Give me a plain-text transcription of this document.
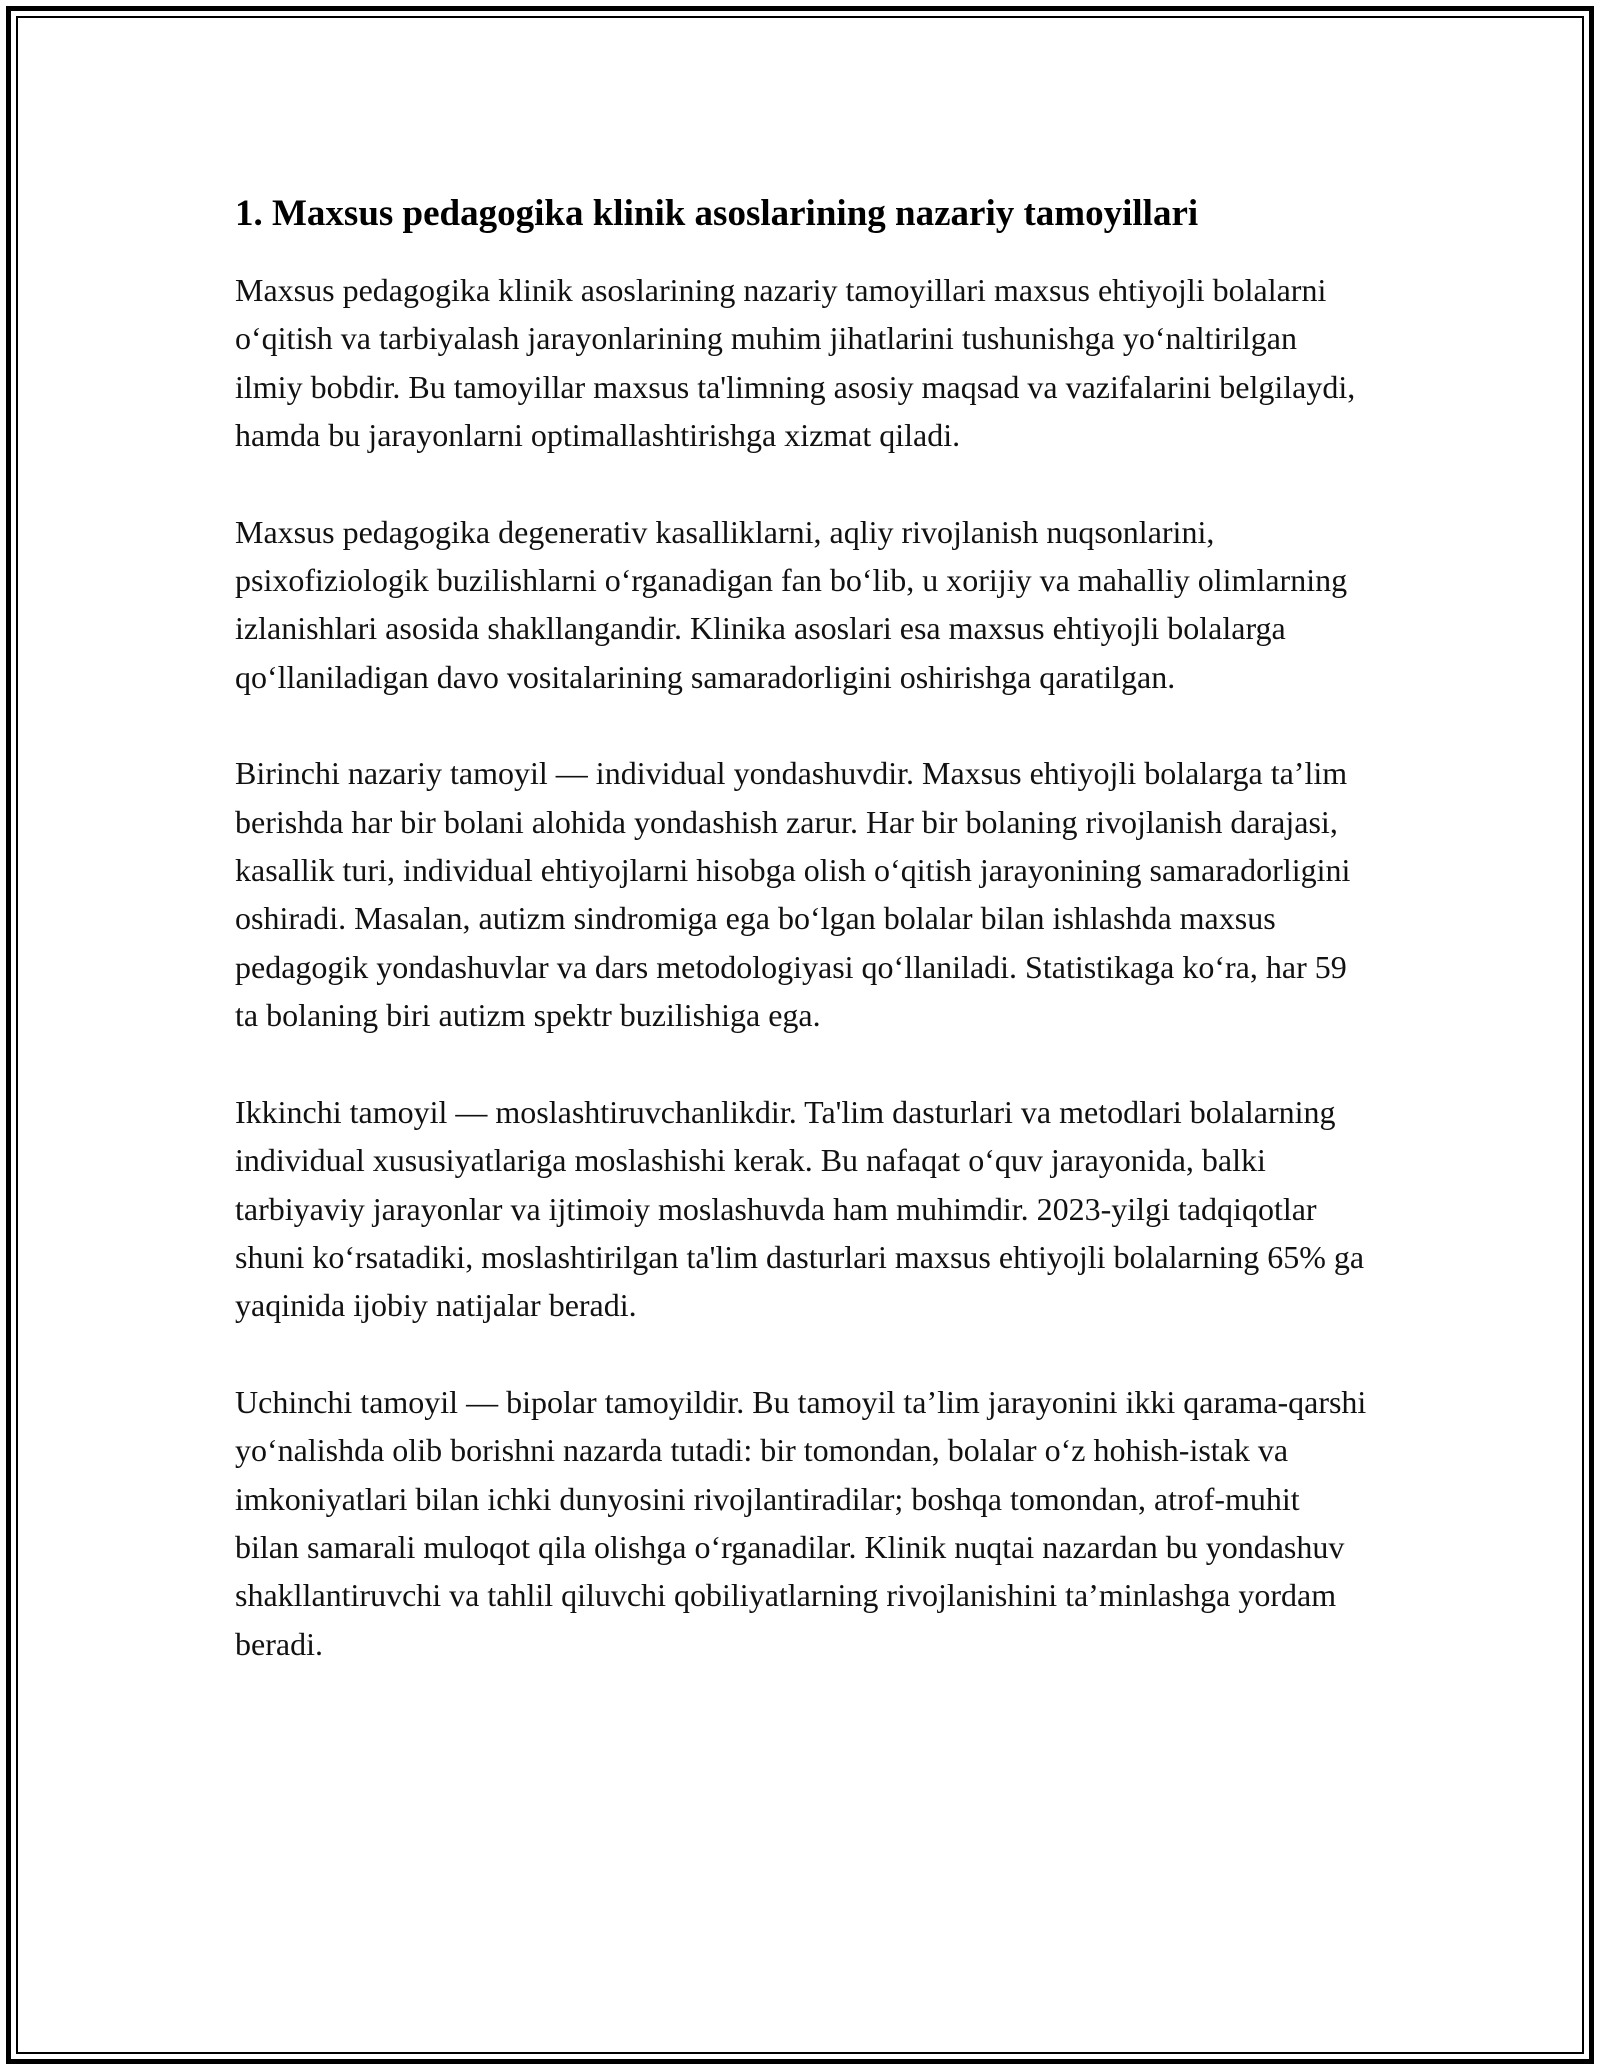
1. Maxsus pedagogika klinik asoslarining nazariy tamoyillari

Maxsus pedagogika klinik asoslarining nazariy tamoyillari maxsus ehtiyojli bolalarni o‘qitish va tarbiyalash jarayonlarining muhim jihatlarini tushunishga yo‘naltirilgan ilmiy bobdir. Bu tamoyillar maxsus ta'limning asosiy maqsad va vazifalarini belgilaydi, hamda bu jarayonlarni optimallashtirishga xizmat qiladi.

Maxsus pedagogika degenerativ kasalliklarni, aqliy rivojlanish nuqsonlarini, psixofiziologik buzilishlarni o‘rganadigan fan bo‘lib, u xorijiy va mahalliy olimlarning izlanishlari asosida shakllangandir. Klinika asoslari esa maxsus ehtiyojli bolalarga qo‘llaniladigan davo vositalarining samaradorligini oshirishga qaratilgan.

Birinchi nazariy tamoyil — individual yondashuvdir. Maxsus ehtiyojli bolalarga ta’lim berishda har bir bolani alohida yondashish zarur. Har bir bolaning rivojlanish darajasi, kasallik turi, individual ehtiyojlarni hisobga olish o‘qitish jarayonining samaradorligini oshiradi. Masalan, autizm sindromiga ega bo‘lgan bolalar bilan ishlashda maxsus pedagogik yondashuvlar va dars metodologiyasi qo‘llaniladi. Statistikaga ko‘ra, har 59 ta bolaning biri autizm spektr buzilishiga ega.

Ikkinchi tamoyil — moslashtiruvchanlikdir. Ta'lim dasturlari va metodlari bolalarning individual xususiyatlariga moslashishi kerak. Bu nafaqat o‘quv jarayonida, balki tarbiyaviy jarayonlar va ijtimoiy moslashuvda ham muhimdir. 2023-yilgi tadqiqotlar shuni ko‘rsatadiki, moslashtirilgan ta'lim dasturlari maxsus ehtiyojli bolalarning 65% ga yaqinida ijobiy natijalar beradi.

Uchinchi tamoyil — bipolar tamoyildir. Bu tamoyil ta’lim jarayonini ikki qarama-qarshi yo‘nalishda olib borishni nazarda tutadi: bir tomondan, bolalar o‘z hohish-istak va imkoniyatlari bilan ichki dunyosini rivojlantiradilar; boshqa tomondan, atrof-muhit bilan samarali muloqot qila olishga o‘rganadilar. Klinik nuqtai nazardan bu yondashuv shakllantiruvchi va tahlil qiluvchi qobiliyatlarning rivojlanishini ta’minlashga yordam beradi.
